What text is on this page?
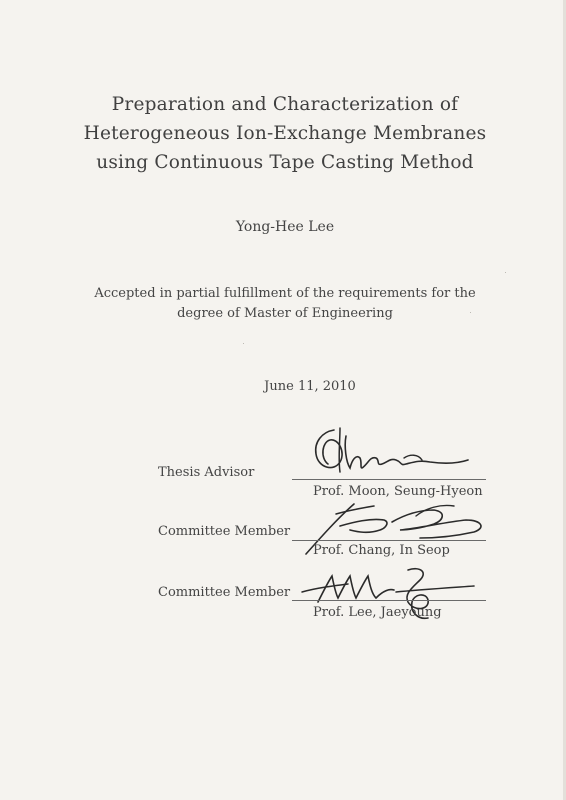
Preparation and Characterization of
Heterogeneous Ion-Exchange Membranes
using Continuous Tape Casting Method
Yong-Hee Lee
Accepted in partial fulfillment of the requirements for the
degree of Master of Engineering
June 11, 2010
Thesis Advisor
Prof. Moon, Seung-Hyeon
Committee Member
Prof. Chang, In Seop
Committee Member
Prof. Lee, Jaeyoung
